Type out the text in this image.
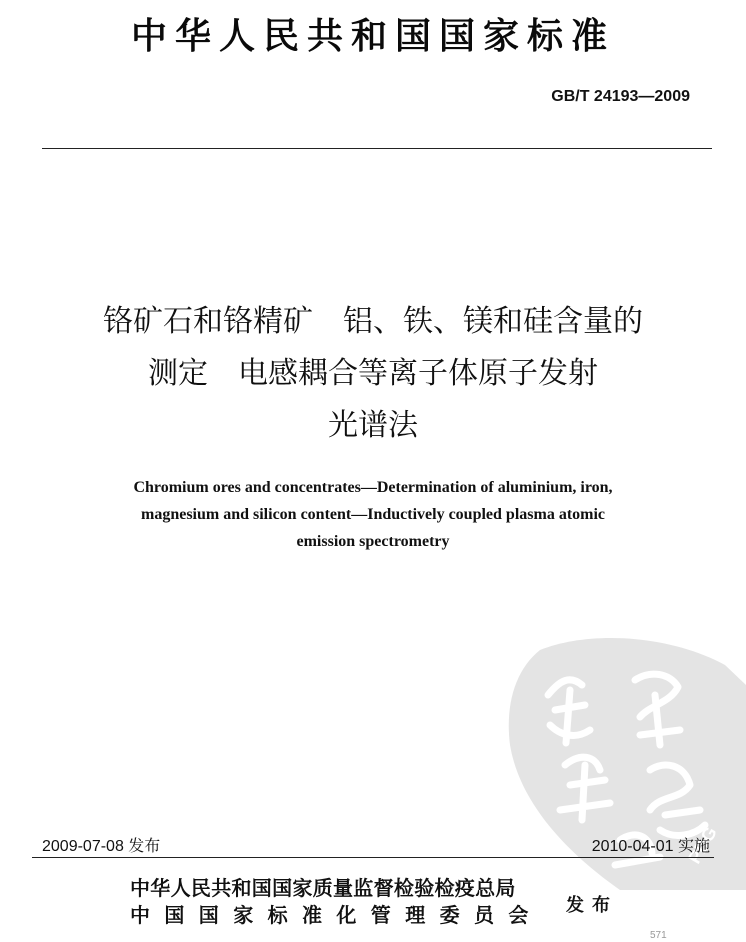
中华人民共和国国家标准
GB/T 24193—2009
铬矿石和铬精矿　铝、铁、镁和硅含量的
测定　电感耦合等离子体原子发射
光谱法
Chromium ores and concentrates—Determination of aluminium, iron,
magnesium and silicon content—Inductively coupled plasma atomic
emission spectrometry
PDG
2009-07-08 发布	2010-04-01 实施
中华人民共和国国家质量监督检验检疫总局
中国国家标准化管理委员会	发布
571
